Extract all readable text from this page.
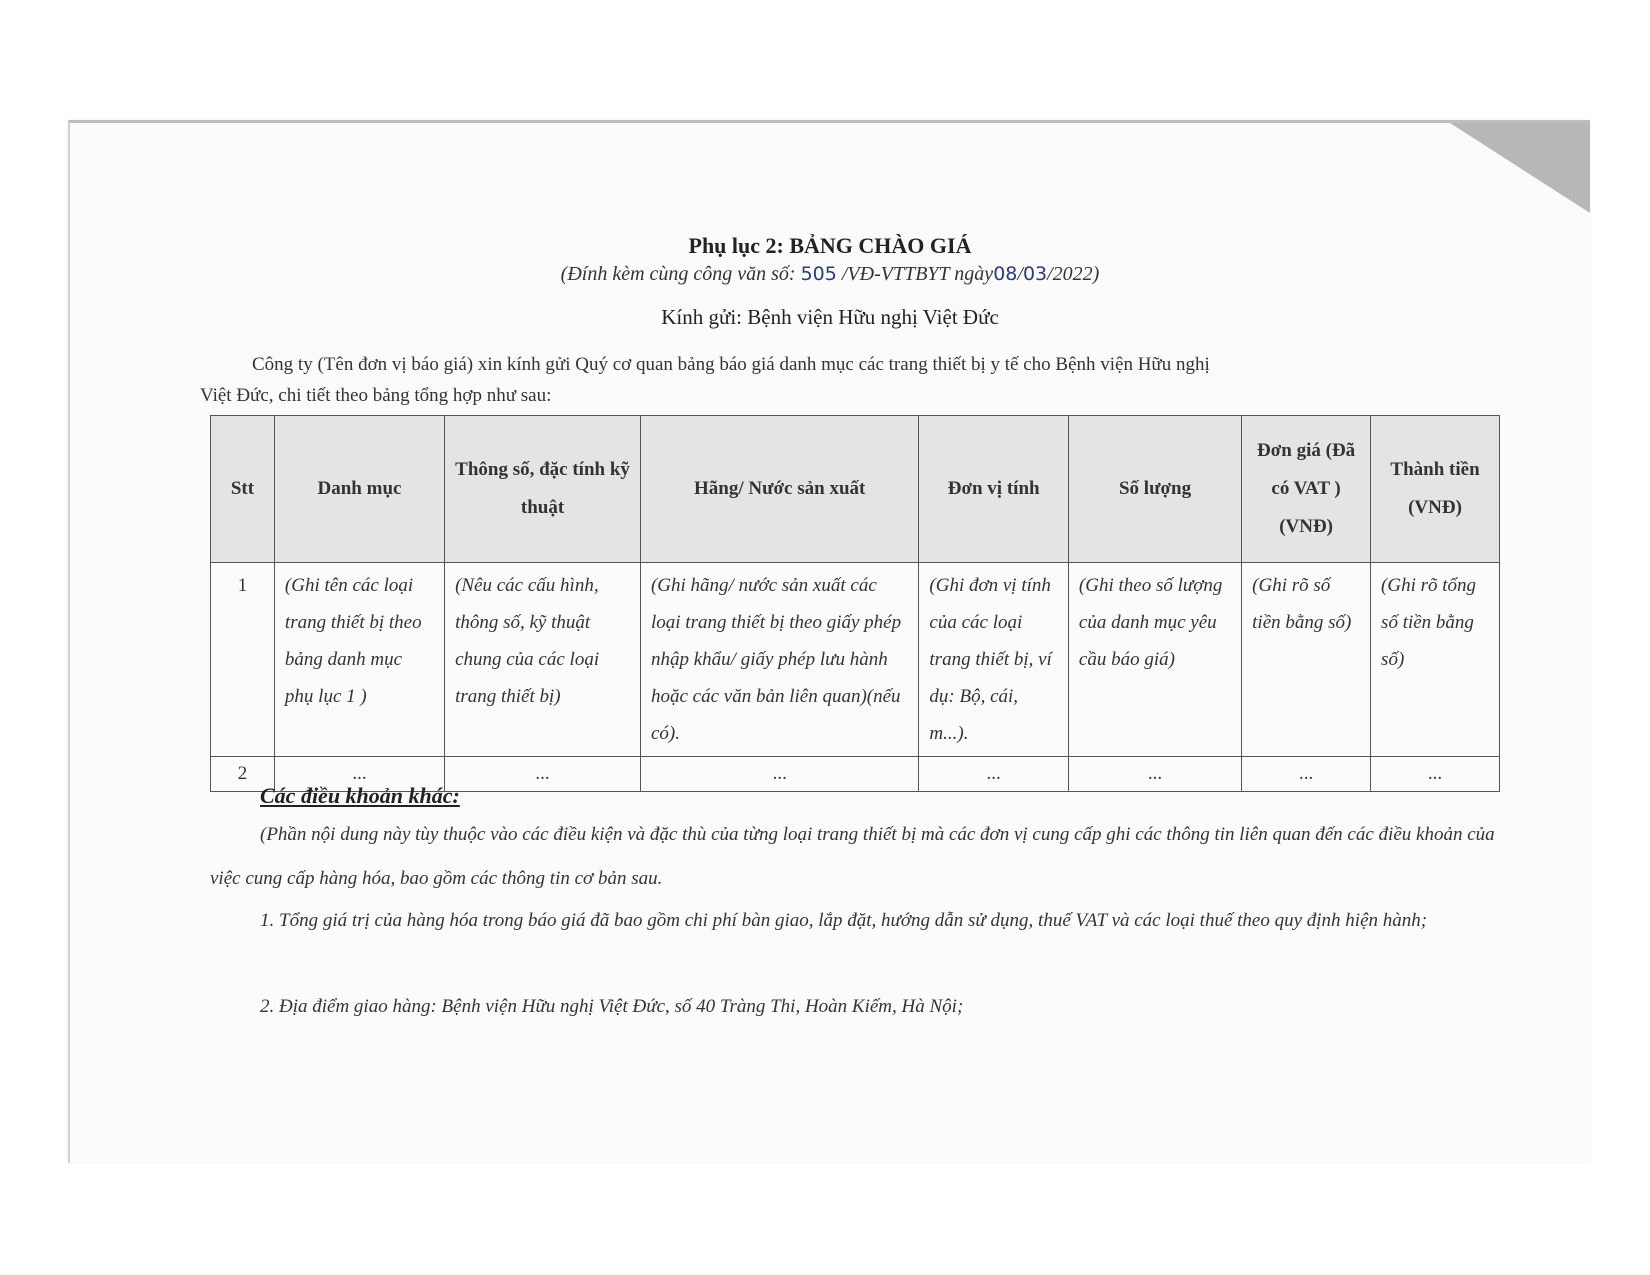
Phụ lục 2: BẢNG CHÀO GIÁ
(Đính kèm cùng công văn số: 505 /VĐ-VTTBYT ngày08/03/2022)
Kính gửi: Bệnh viện Hữu nghị Việt Đức
Công ty (Tên đơn vị báo giá) xin kính gửi Quý cơ quan bảng báo giá danh mục các trang thiết bị y tế cho Bệnh viện Hữu nghị
Việt Đức, chi tiết theo bảng tổng hợp như sau:
Stt	Danh mục	Thông số, đặc tính kỹ thuật	Hãng/ Nước sản xuất	Đơn vị tính	Số lượng	Đơn giá (Đã có VAT ) (VNĐ)	Thành tiền (VNĐ)
1	(Ghi tên các loại trang thiết bị theo bảng danh mục phụ lục 1 )	(Nêu các cấu hình, thông số, kỹ thuật chung của các loại trang thiết bị)	(Ghi hãng/ nước sản xuất các loại trang thiết bị theo giấy phép nhập khẩu/ giấy phép lưu hành hoặc các văn bản liên quan)(nếu có).	(Ghi đơn vị tính của các loại trang thiết bị, ví dụ: Bộ, cái, m...).	(Ghi theo số lượng của danh mục yêu cầu báo giá)	(Ghi rõ số tiền bằng số)	(Ghi rõ tổng số tiền bằng số)
2	...	...	...	...	...	...	...
Các điều khoản khác:
(Phần nội dung này tùy thuộc vào các điều kiện và đặc thù của từng loại trang thiết bị mà các đơn vị cung cấp ghi các thông tin liên quan đến các điều khoản của việc cung cấp hàng hóa, bao gồm các thông tin cơ bản sau.
1. Tổng giá trị của hàng hóa trong báo giá đã bao gồm chi phí bàn giao, lắp đặt, hướng dẫn sử dụng, thuế VAT và các loại thuế theo quy định hiện hành;
2. Địa điểm giao hàng: Bệnh viện Hữu nghị Việt Đức, số 40 Tràng Thi, Hoàn Kiếm, Hà Nội;
